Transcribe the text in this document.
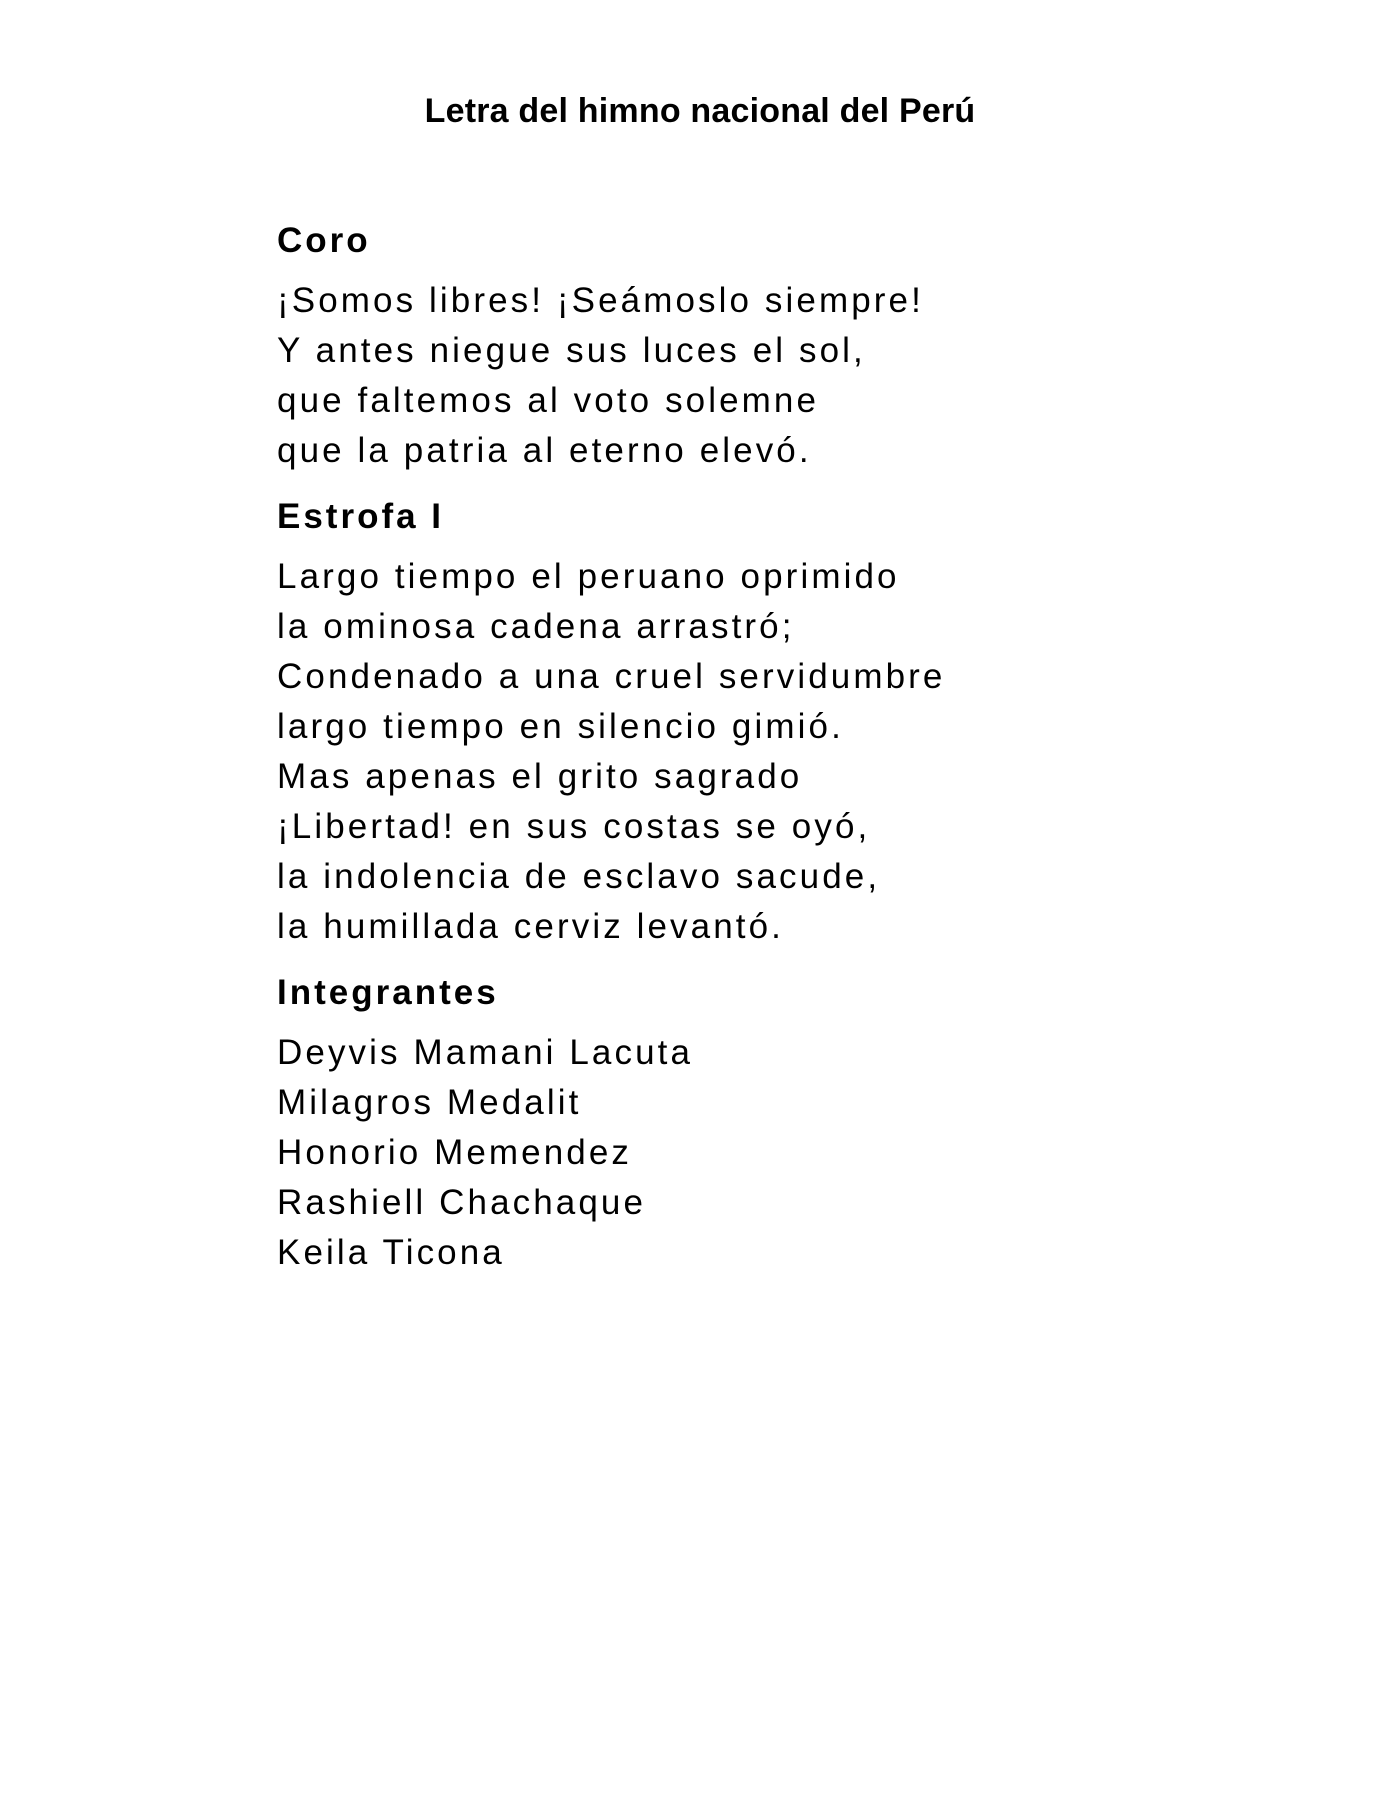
Letra del himno nacional del Perú
Coro
¡Somos libres! ¡Seámoslo siempre!
Y antes niegue sus luces el sol,
que faltemos al voto solemne
que la patria al eterno elevó.
Estrofa I
Largo tiempo el peruano oprimido
la ominosa cadena arrastró;
Condenado a una cruel servidumbre
largo tiempo en silencio gimió.
Mas apenas el grito sagrado
¡Libertad! en sus costas se oyó,
la indolencia de esclavo sacude,
la humillada cerviz levantó.
Integrantes
Deyvis Mamani Lacuta
Milagros Medalit
Honorio Memendez
Rashiell Chachaque
Keila Ticona
